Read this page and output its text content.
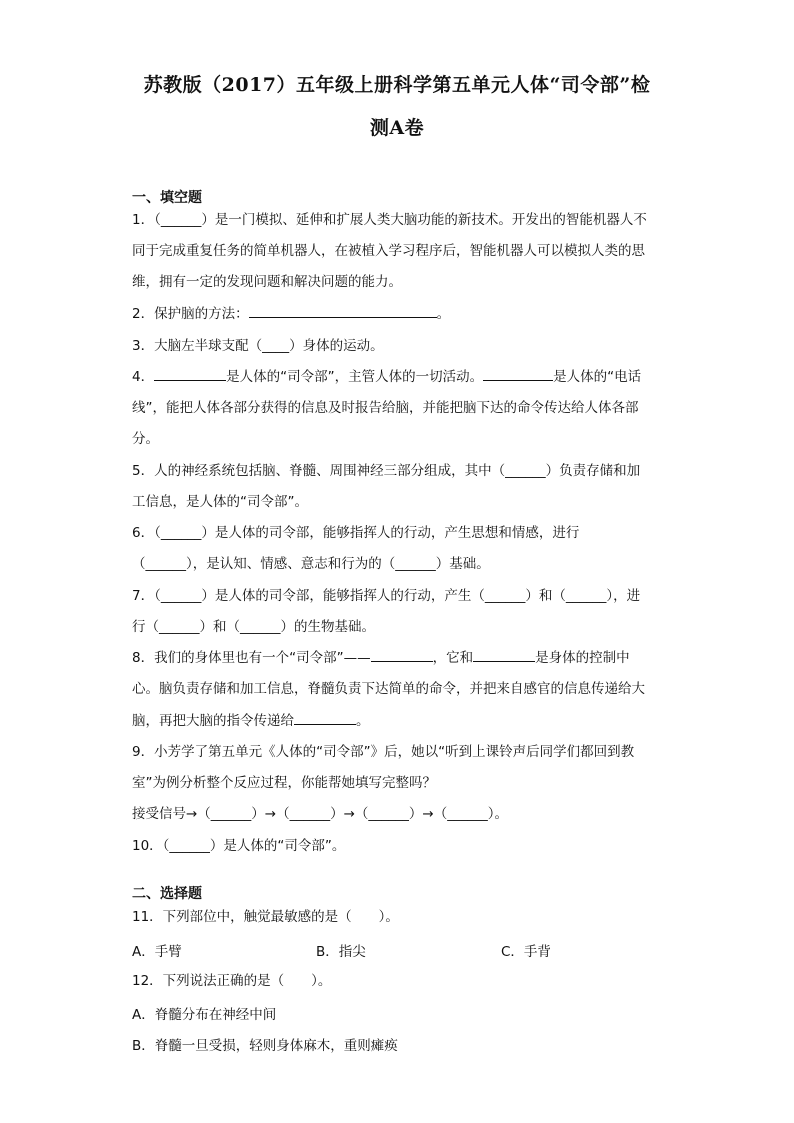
苏教版（2017）五年级上册科学第五单元人体“司令部”检
测A卷
一、填空题
1．（______）是一门模拟、延伸和扩展人类大脑功能的新技术。开发出的智能机器人不
同于完成重复任务的简单机器人，在被植入学习程序后，智能机器人可以模拟人类的思
维，拥有一定的发现问题和解决问题的能力。
2．保护脑的方法：	。
3．大脑左半球支配（____）身体的运动。
4．	是人体的“司令部”，主管人体的一切活动。	是人体的“电话
线”，能把人体各部分获得的信息及时报告给脑，并能把脑下达的命令传达给人体各部
分。
5．人的神经系统包括脑、脊髓、周围神经三部分组成，其中（______）负责存储和加
工信息，是人体的“司令部”。
6．（______）是人体的司令部，能够指挥人的行动，产生思想和情感，进行
（______），是认知、情感、意志和行为的（______）基础。
7．（______）是人体的司令部，能够指挥人的行动，产生（______）和（______），进
行（______）和（______）的生物基础。
8．我们的身体里也有一个“司令部”——	，它和	是身体的控制中
心。脑负责存储和加工信息，脊髓负责下达简单的命令，并把来自感官的信息传递给大
脑，再把大脑的指令传递给	。
9．小芳学了第五单元《人体的“司令部”》后，她以“听到上课铃声后同学们都回到教
室”为例分析整个反应过程，你能帮她填写完整吗？
接受信号→（______）→（______）→（______）→（______）。
10．（______）是人体的“司令部”。
二、选择题
11．下列部位中，触觉最敏感的是（　　）。
A．手臂	B．指尖	C．手背
12．下列说法正确的是（　　）。
A．脊髓分布在神经中间
B．脊髓一旦受损，轻则身体麻木，重则瘫痪
